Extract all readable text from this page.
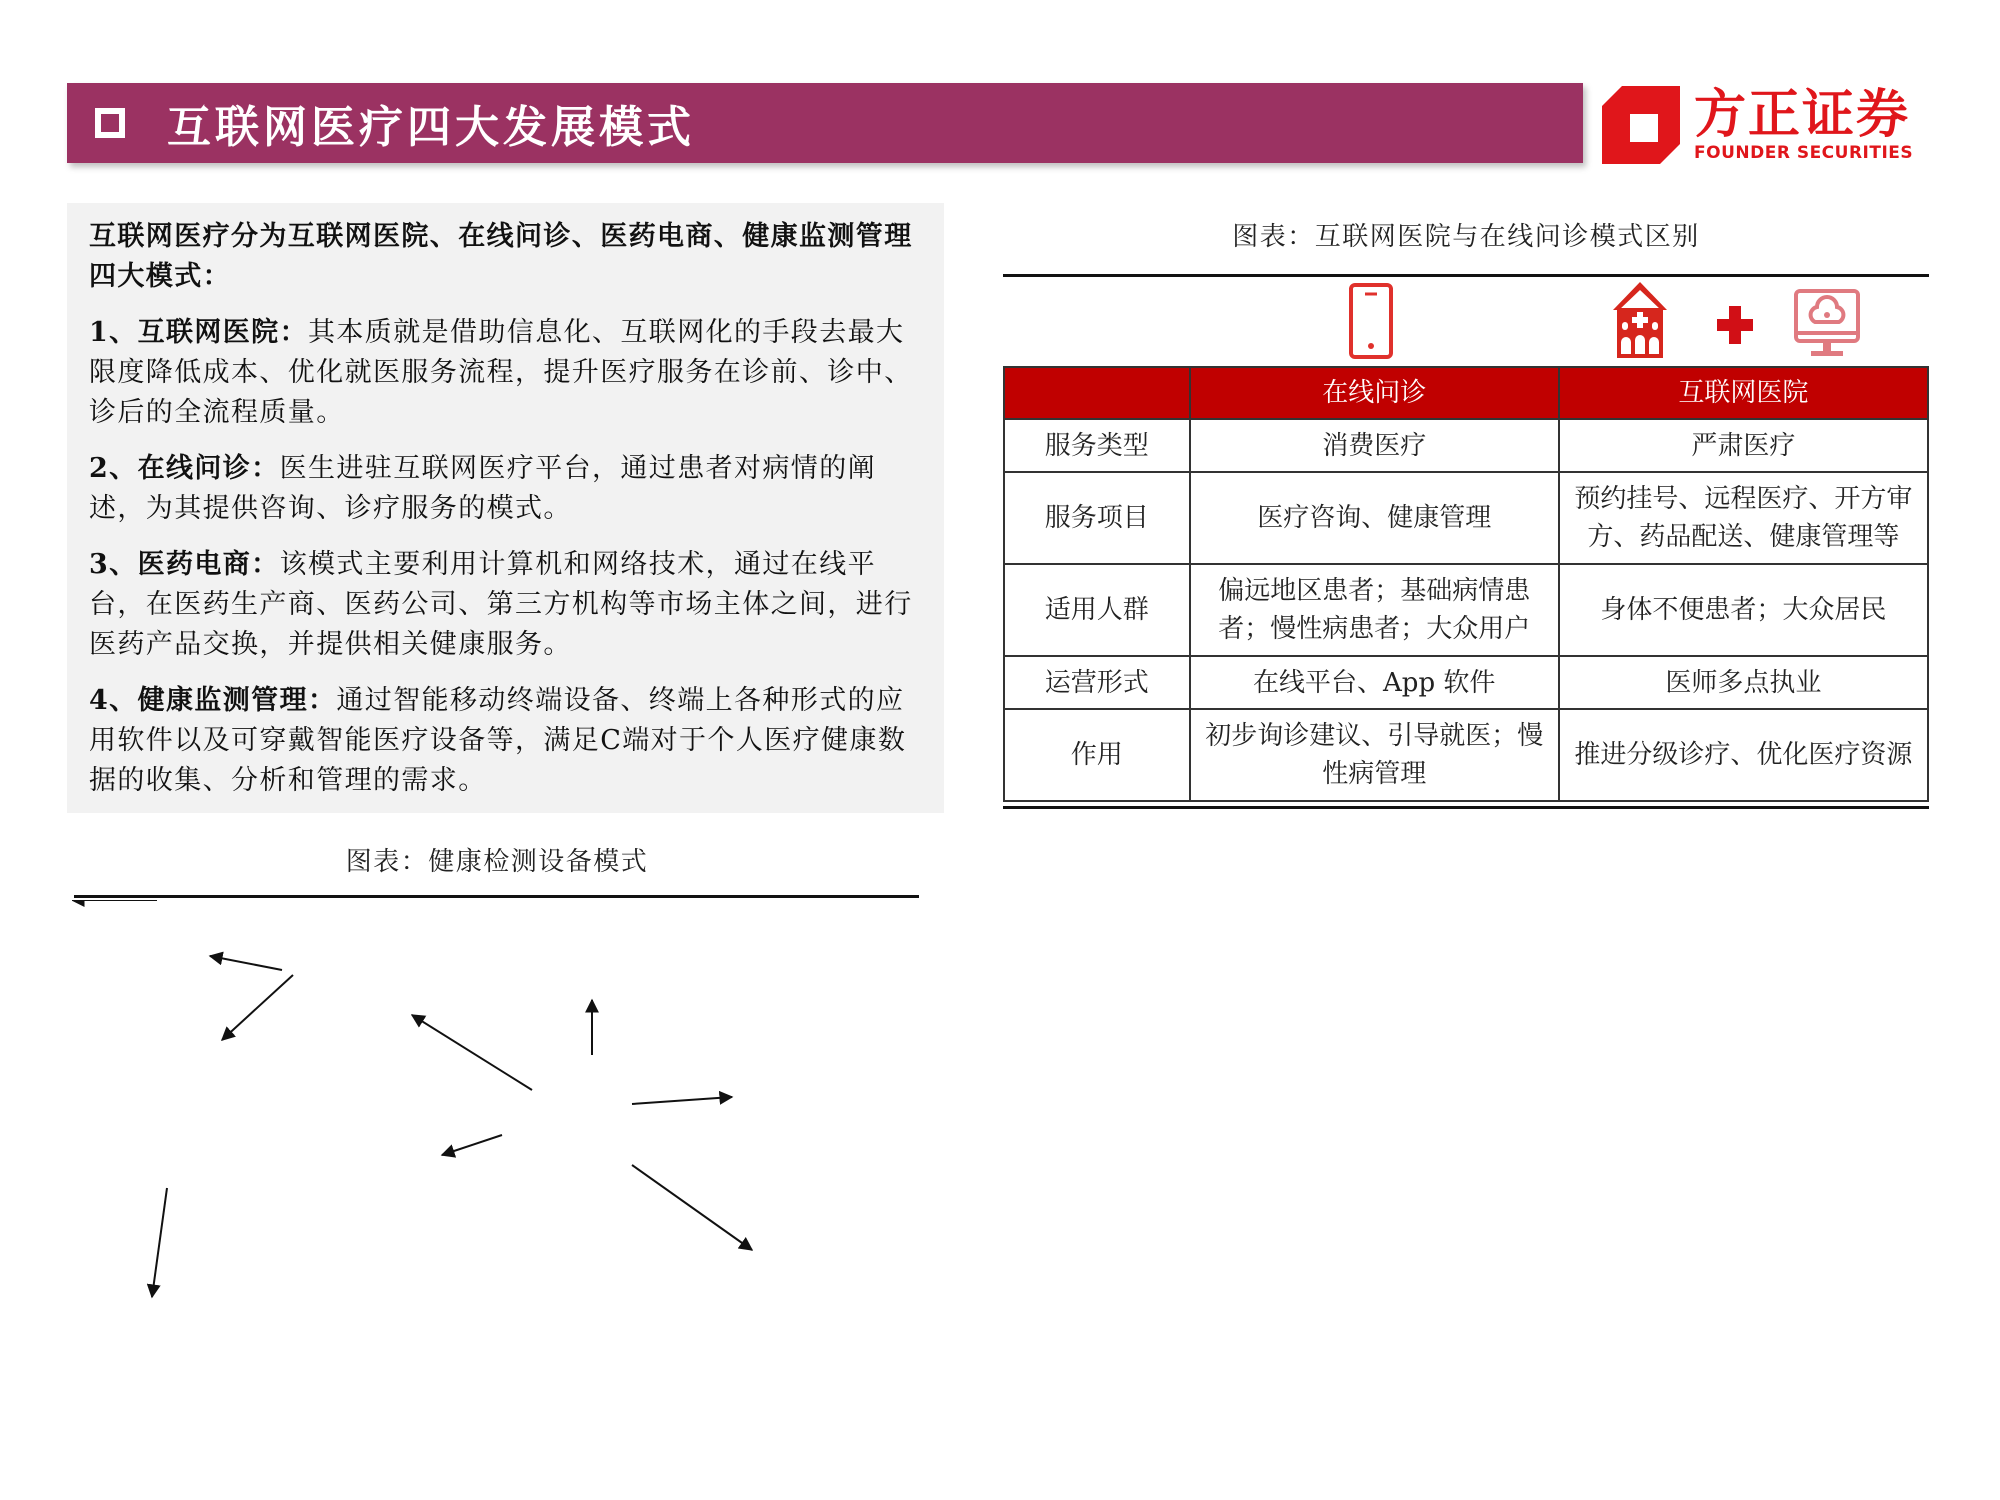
互联网医疗四大发展模式	方正证券
FOUNDER SECURITIES
互联网医疗分为互联网医院、在线问诊、医药电商、健康监测管理四大模式：

1、互联网医院：其本质就是借助信息化、互联网化的手段去最大限度降低成本、优化就医服务流程，提升医疗服务在诊前、诊中、诊后的全流程质量。

2、在线问诊：医生进驻互联网医疗平台，通过患者对病情的阐述，为其提供咨询、诊疗服务的模式。

3、医药电商：该模式主要利用计算机和网络技术，通过在线平台，在医药生产商、医药公司、第三方机构等市场主体之间，进行医药产品交换，并提供相关健康服务。

4、健康监测管理：通过智能移动终端设备、终端上各种形式的应用软件以及可穿戴智能医疗设备等，满足C端对于个人医疗健康数据的收集、分析和管理的需求。

图表：互联网医院与在线问诊模式区别
	在线问诊	互联网医院
服务类型	消费医疗	严肃医疗
服务项目	医疗咨询、健康管理	预约挂号、远程医疗、开方审方、药品配送、健康管理等
适用人群	偏远地区患者；基础病情患者；慢性病患者；大众用户	身体不便患者；大众居民
运营形式	在线平台、App 软件	医师多点执业
作用	初步询诊建议、引导就医；慢性病管理	推进分级诊疗、优化医疗资源
图表：健康检测设备模式
